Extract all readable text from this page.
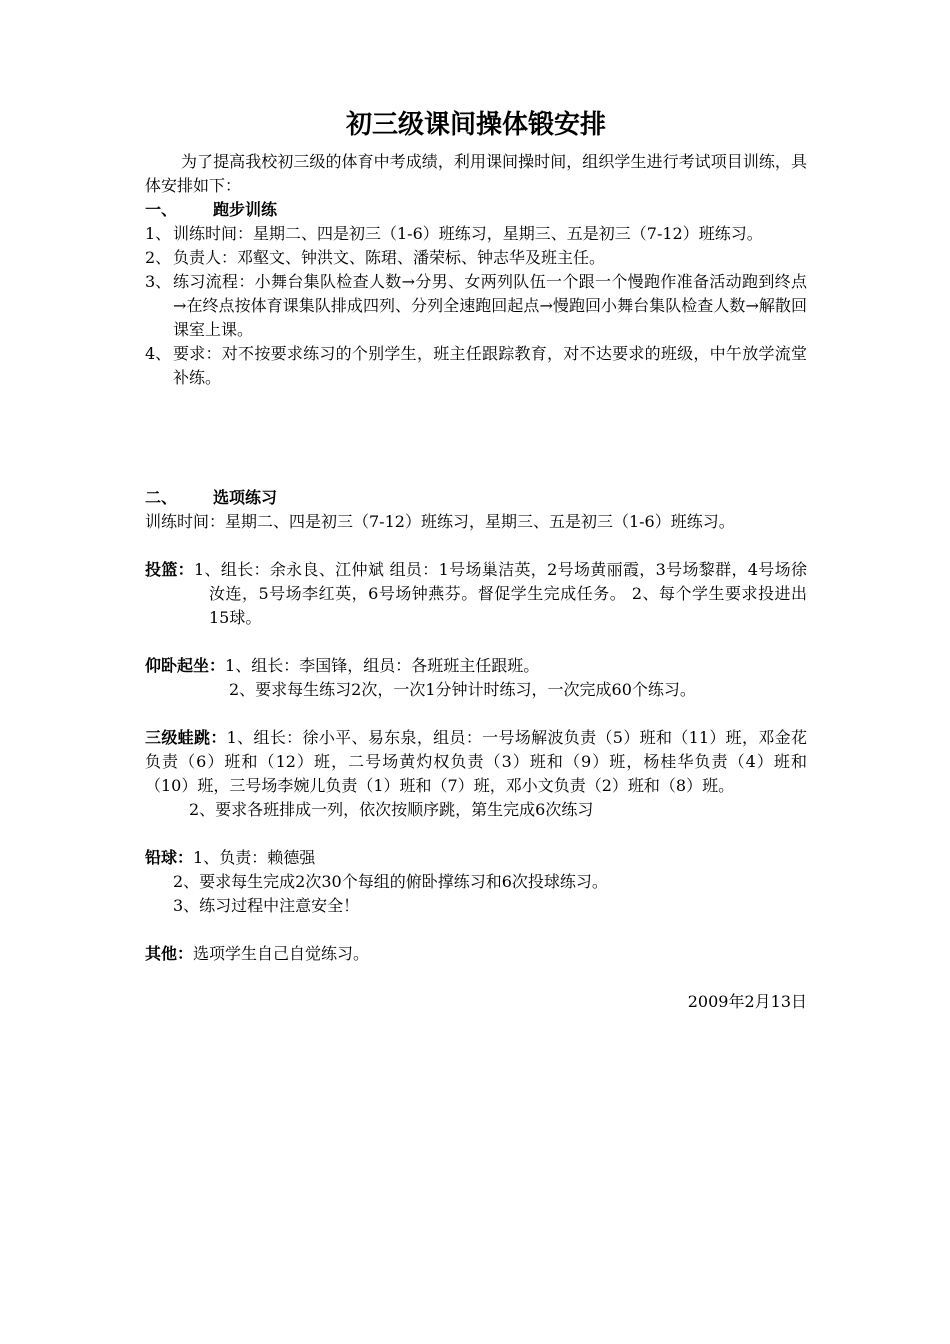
初三级课间操体锻安排

为了提高我校初三级的体育中考成绩，利用课间操时间，组织学生进行考试项目训练，具体安排如下：

一、	跑步训练
1、 训练时间：星期二、四是初三（1-6）班练习，星期三、五是初三（7-12）班练习。
2、 负责人：邓壑文、钟洪文、陈珺、潘荣标、钟志华及班主任。
3、 练习流程：小舞台集队检查人数→分男、女两列队伍一个跟一个慢跑作准备活动跑到终点→在终点按体育课集队排成四列、分列全速跑回起点→慢跑回小舞台集队检查人数→解散回课室上课。
4、 要求：对不按要求练习的个别学生，班主任跟踪教育，对不达要求的班级，中午放学流堂补练。
二、	选项练习

训练时间：星期二、四是初三（7-12）班练习，星期三、五是初三（1-6）班练习。

投篮：1、组长：余永良、江仲斌 组员：1号场巢洁英，2号场黄丽霞，3号场黎群，4号场徐汝连，5号场李红英，6号场钟燕芬。督促学生完成任务。 2、每个学生要求投进出15球。

仰卧起坐：1、组长：李国锋，组员：各班班主任跟班。

2、要求每生练习2次，一次1分钟计时练习，一次完成60个练习。

三级蛙跳：1、组长：徐小平、易东泉，组员：一号场解波负责（5）班和（11）班，邓金花负责（6）班和（12）班，二号场黄灼权负责（3）班和（9）班，杨桂华负责（4）班和（10）班，三号场李婉儿负责（1）班和（7）班，邓小文负责（2）班和（8）班。

2、要求各班排成一列，依次按顺序跳，第生完成6次练习

铅球：1、负责：赖德强

2、要求每生完成2次30个每组的俯卧撑练习和6次投球练习。

3、练习过程中注意安全！

其他：选项学生自己自觉练习。

2009年2月13日
